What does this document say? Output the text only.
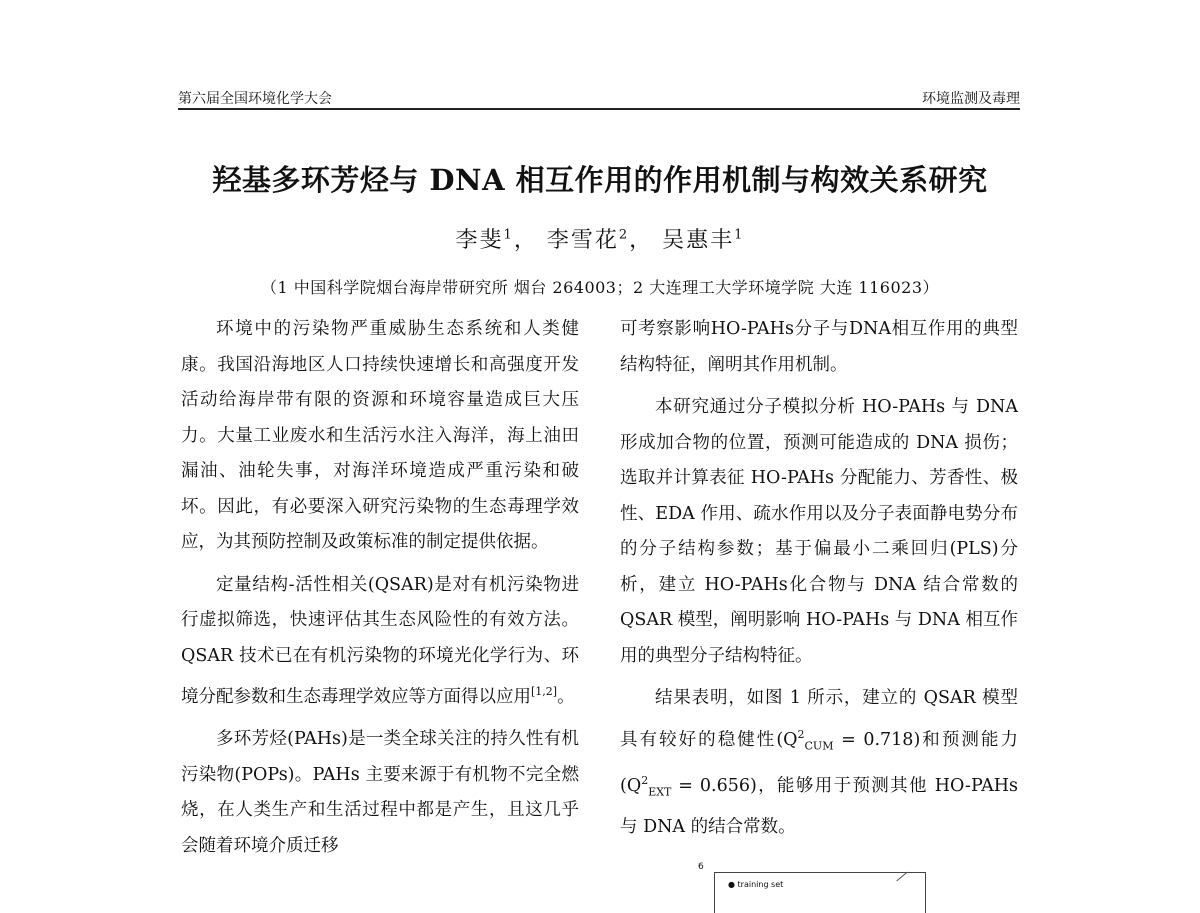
第六届全国环境化学大会	环境监测及毒理
羟基多环芳烃与 DNA 相互作用的作用机制与构效关系研究
李斐$^1$， 李雪花$^2$， 吴惠丰$^1$
（1 中国科学院烟台海岸带研究所 烟台 264003；2 大连理工大学环境学院 大连 116023）

环境中的污染物严重威胁生态系统和人类健康。我国沿海地区人口持续快速增长和高强度开发活动给海岸带有限的资源和环境容量造成巨大压力。大量工业废水和生活污水注入海洋，海上油田漏油、油轮失事，对海洋环境造成严重污染和破坏。因此，有必要深入研究污染物的生态毒理学效应，为其预防控制及政策标准的制定提供依据。

定量结构-活性相关(QSAR)是对有机污染物进行虚拟筛选，快速评估其生态风险性的有效方法。QSAR 技术已在有机污染物的环境光化学行为、环境分配参数和生态毒理学效应等方面得以应用[1,2]。

多环芳烃(PAHs)是一类全球关注的持久性有机污染物(POPs)。PAHs 主要来源于有机物不完全燃烧，在人类生产和生活过程中都是产生，且这几乎会随着环境介质迁移

可考察影响HO-PAHs分子与DNA相互作用的典型结构特征，阐明其作用机制。

本研究通过分子模拟分析 HO-PAHs 与 DNA 形成加合物的位置，预测可能造成的 DNA 损伤；选取并计算表征 HO-PAHs 分配能力、芳香性、极性、EDA 作用、疏水作用以及分子表面静电势分布的分子结构参数；基于偏最小二乘回归(PLS)分析，建立 HO-PAHs化合物与 DNA 结合常数的 QSAR 模型，阐明影响 HO-PAHs 与 DNA 相互作用的典型分子结构特征。

结果表明，如图 1 所示，建立的 QSAR 模型具有较好的稳健性$(Q^2_{CUM} = 0.718)$和预测能力$(Q^2_{EXT} = 0.656)$，能够用于预测其他 HO-PAHs 与 DNA 的结合常数。

6
● training set
